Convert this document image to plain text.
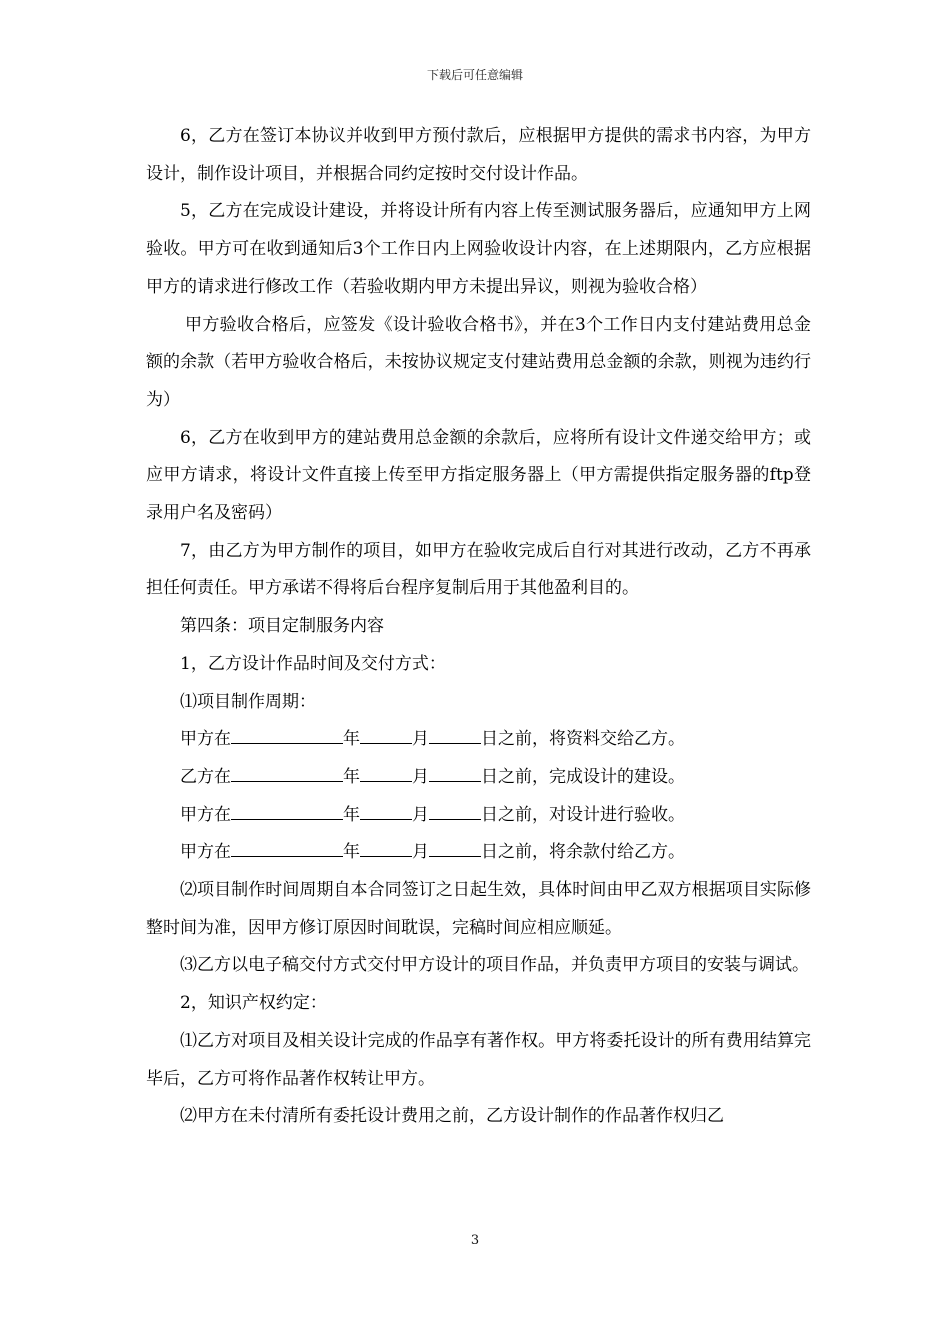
下载后可任意编辑

6，乙方在签订本协议并收到甲方预付款后，应根据甲方提供的需求书内容，为甲方设计，制作设计项目，并根据合同约定按时交付设计作品。

5，乙方在完成设计建设，并将设计所有内容上传至测试服务器后，应通知甲方上网验收。甲方可在收到通知后3个工作日内上网验收设计内容，在上述期限内，乙方应根据甲方的请求进行修改工作（若验收期内甲方未提出异议，则视为验收合格）

甲方验收合格后，应签发《设计验收合格书》，并在3个工作日内支付建站费用总金额的余款（若甲方验收合格后，未按协议规定支付建站费用总金额的余款，则视为违约行为）

6，乙方在收到甲方的建站费用总金额的余款后，应将所有设计文件递交给甲方；或应甲方请求，将设计文件直接上传至甲方指定服务器上（甲方需提供指定服务器的ftp登录用户名及密码）

7，由乙方为甲方制作的项目，如甲方在验收完成后自行对其进行改动，乙方不再承担任何责任。甲方承诺不得将后台程序复制后用于其他盈利目的。

第四条：项目定制服务内容

1，乙方设计作品时间及交付方式：

⑴项目制作周期：

甲方在	年	月	日之前，将资料交给乙方。

乙方在	年	月	日之前，完成设计的建设。

甲方在	年	月	日之前，对设计进行验收。

甲方在	年	月	日之前，将余款付给乙方。

⑵项目制作时间周期自本合同签订之日起生效，具体时间由甲乙双方根据项目实际修整时间为准，因甲方修订原因时间耽误，完稿时间应相应顺延。

⑶乙方以电子稿交付方式交付甲方设计的项目作品，并负责甲方项目的安装与调试。

2，知识产权约定：

⑴乙方对项目及相关设计完成的作品享有著作权。甲方将委托设计的所有费用结算完毕后，乙方可将作品著作权转让甲方。

⑵甲方在未付清所有委托设计费用之前，乙方设计制作的作品著作权归乙

3
